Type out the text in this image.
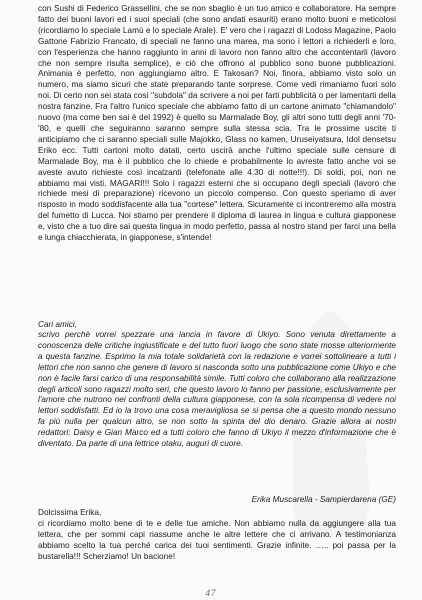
con Sushi di Federico Grassellini, che se non sbaglio è un tuo amico e collaboratore. Ha sempre fatto dei buoni lavori ed i suoi speciali (che sono andati esauriti) erano molto buoni e meticolosi (ricordiamo lo speciale Lamù e lo speciale Arale). E' vero che i ragazzi di Lodoss Magazine, Paolo Gattone Fabrizio Francato, di speciali ne fanno una marea, ma sono i lettori a richiederli e loro, con l'esperienza che hanno raggiunto in anni di lavoro non fanno altro che accontentarli (lavoro che non sempre risulta semplice), e ciò che offrono al pubblico sono buone pubblicazioni. Animania è perfetto, non aggiungiamo altro. E Takosan? Noi, finora, abbiamo visto solo un numero, ma siamo sicuri che state preparando tante sorprese. Come vedi rimaniamo fuori solo noi. Di certo non sei stata così "subdola" da scrivere a noi per farti pubblicità o per lamentarti della nostra fanzine. Fra l'altro l'unico speciale che abbiamo fatto di un cartone animato "chiamandolo" nuovo (ma come ben sai è del 1992) è quello su Marmalade Boy, gli altri sono tutti degli anni '70-'80, e quelli che seguiranno saranno sempre sulla stessa scia. Tra le prossime uscite ti anticipiamo che ci saranno speciali sulle Majokko, Glass no kamen, Uruseiyatsura, Idol densetsu Eriko ecc. Tutti cartoni molto datati, certo uscirà anche l'ultimo speciale sulle censure di Marmalade Boy, ma è il pubblico che lo chiede e probabilmente lo avreste fatto anche voi se aveste avuto richieste così incalzanti (telefonate alle 4.30 di notte!!!). Di soldi, poi, non ne abbiamo mai visti. MAGARI!!! Solo i ragazzi esterni che si occupano degli speciali (lavoro che richiede mesi di preparazione) ricevono un piccolo compenso. Con questo speriamo di aver risposto in modo soddisfacente alla tua "cortese" lettera. Sicuramente ci incontreremo alla mostra del fumetto di Lucca. Noi stiamo per prendere il diploma di laurea in lingua e cultura giapponese e, visto che a tuo dire sai questa lingua in modo perfetto, passa al nostro stand per farci una bella e lunga chiacchierata, in giapponese, s'intende!

Cari amici,

scrivo perchè vorrei spezzare una lancia in favore di Ukiyo. Sono venuta direttamente a conoscenza delle critiche ingiustificate e del tutto fuori luogo che sono state mosse ulteriormente a questa fanzine. Esprimo la mia totale solidarietà con la redazione e vorrei sottolineare a tutti i lettori che non sanno che genere di lavoro si nasconda sotto una pubblicazione come Ukiyo e che non è facile farsi carico di una responsabilità simile. Tutti coloro che collaborano alla realizzazione degli articoli sono ragazzi molto seri, che questo lavoro lo fanno per passione, esclusivamente per l'amore che nutrono nei confronti della cultura giapponese, con la sola ricompensa di vedere noi lettori soddisfatti. Ed io la trovo una cosa meravigliosa se si pensa che a questo mondo nessuno fa più nulla per qualcun altro, se non sotto la spinta del dio denaro. Grazie allora ai nostri redattori: Daisy e Gian Marco ed a tutti coloro che fanno di Ukiyo il mezzo d'informazione che è diventato. Da parte di una lettrice otaku, auguri di cuore.

Erika Muscarella - Sampierdarena (GE)

Dolcissima Erika,

ci ricordiamo molto bene di te e delle tue amiche. Non abbiamo nulla da aggiungere alla tua lettera, che per sommi capi riassume anche le altre lettere che ci arrivano. A testimonianza abbiamo scelto la tua perché carica dei tuoi sentimenti. Grazie infinite. ….. poi passa per la bustarella!!! Scherziamo! Un bacione!

47
